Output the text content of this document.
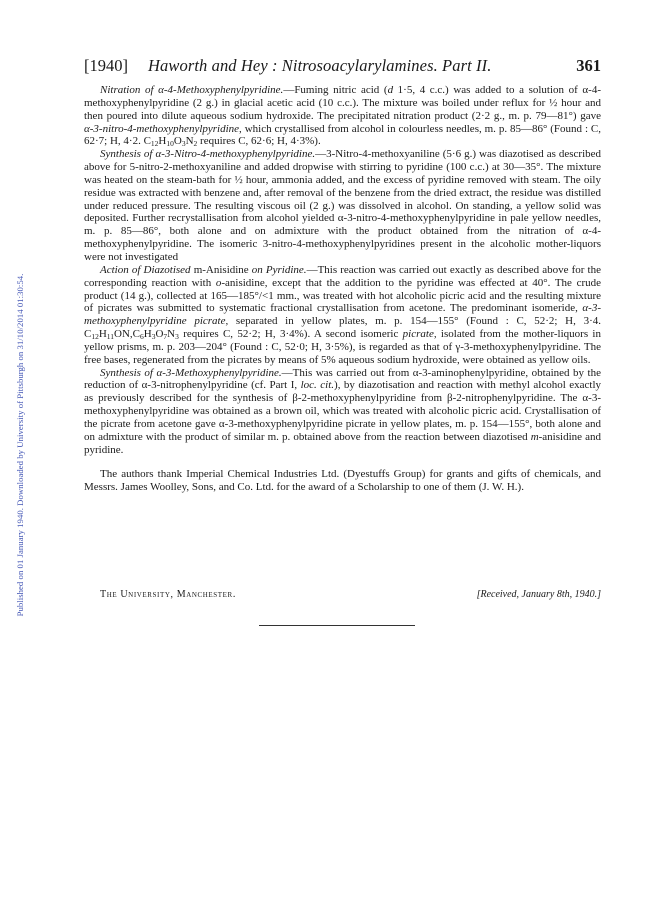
Published on 01 January 1940. Downloaded by University of Pittsburgh on 31/10/2014 01:30:54.
[1940] Haworth and Hey : Nitrosoacylarylamines. Part II.	361

Nitration of α-4-Methoxyphenylpyridine.—Fuming nitric acid (d 1·5, 4 c.c.) was added to a solution of α-4-methoxyphenylpyridine (2 g.) in glacial acetic acid (10 c.c.). The mixture was boiled under reflux for ½ hour and then poured into dilute aqueous sodium hydroxide. The precipitated nitration product (2·2 g., m. p. 79—81°) gave α-3-nitro-4-methoxyphenylpyridine, which crystallised from alcohol in colourless needles, m. p. 85—86° (Found : C, 62·7; H, 4·2. $C_{12}H_{10}O_3N_2$ requires C, 62·6; H, 4·3%).

Synthesis of α-3-Nitro-4-methoxyphenylpyridine.—3-Nitro-4-methoxyaniline (5·6 g.) was diazotised as described above for 5-nitro-2-methoxyaniline and added dropwise with stirring to pyridine (100 c.c.) at 30—35°. The mixture was heated on the steam-bath for ½ hour, ammonia added, and the excess of pyridine removed with steam. The oily residue was extracted with benzene and, after removal of the benzene from the dried extract, the residue was distilled under reduced pressure. The resulting viscous oil (2 g.) was dissolved in alcohol. On standing, a yellow solid was deposited. Further recrystallisation from alcohol yielded α-3-nitro-4-methoxyphenylpyridine in pale yellow needles, m. p. 85—86°, both alone and on admixture with the product obtained from the nitration of α-4-methoxyphenylpyridine. The isomeric 3-nitro-4-methoxyphenylpyridines present in the alcoholic mother-liquors were not investigated

Action of Diazotised m-Anisidine on Pyridine.—This reaction was carried out exactly as described above for the corresponding reaction with o-anisidine, except that the addition to the pyridine was effected at 40°. The crude product (14 g.), collected at 165—185°/<1 mm., was treated with hot alcoholic picric acid and the resulting mixture of picrates was submitted to systematic fractional crystallisation from acetone. The predominant isomeride, α-3-methoxyphenylpyridine picrate, separated in yellow plates, m. p. 154—155° (Found : C, 52·2; H, 3·4. $C_{12}H_{11}ON,C_6H_3O_7N_3$ requires C, 52·2; H, 3·4%). A second isomeric picrate, isolated from the mother-liquors in yellow prisms, m. p. 203—204° (Found : C, 52·0; H, 3·5%), is regarded as that of γ-3-methoxyphenylpyridine. The free bases, regenerated from the picrates by means of 5% aqueous sodium hydroxide, were obtained as yellow oils.

Synthesis of α-3-Methoxyphenylpyridine.—This was carried out from α-3-aminophenylpyridine, obtained by the reduction of α-3-nitrophenylpyridine (cf. Part I, loc. cit.), by diazotisation and reaction with methyl alcohol exactly as previously described for the synthesis of β-2-methoxyphenylpyridine from β-2-nitrophenylpyridine. The α-3-methoxyphenylpyridine was obtained as a brown oil, which was treated with alcoholic picric acid. Crystallisation of the picrate from acetone gave α-3-methoxyphenylpyridine picrate in yellow plates, m. p. 154—155°, both alone and on admixture with the product of similar m. p. obtained above from the reaction between diazotised m-anisidine and pyridine.

The authors thank Imperial Chemical Industries Ltd. (Dyestuffs Group) for grants and gifts of chemicals, and Messrs. James Woolley, Sons, and Co. Ltd. for the award of a Scholarship to one of them (J. W. H.).

The University, Manchester.	[Received, January 8th, 1940.]
